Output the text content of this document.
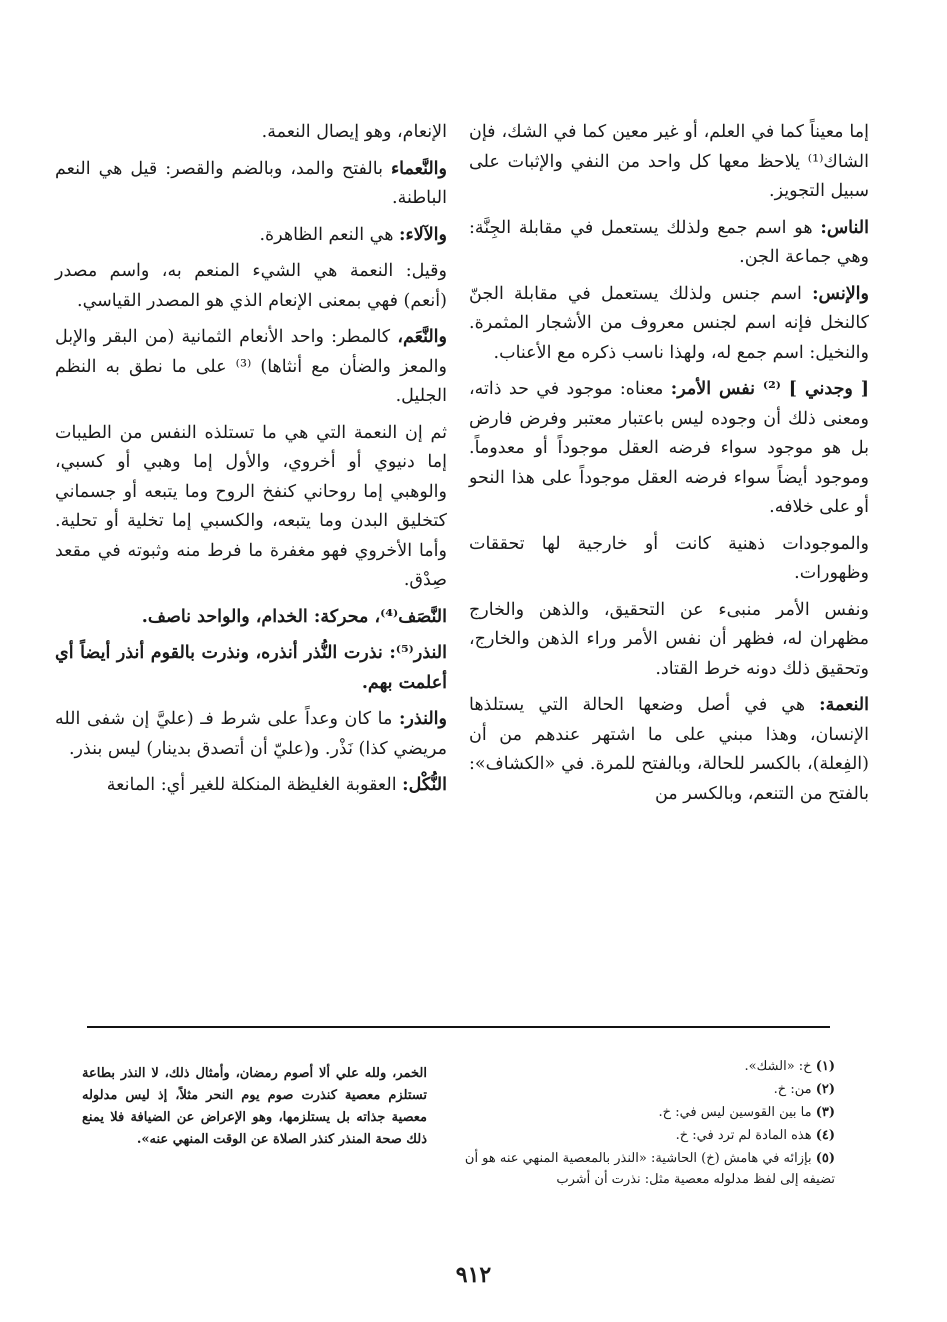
إما معيناً كما في العلم، أو غير معين كما في الشك، فإن الشاك⁽¹⁾ يلاحظ معها كل واحد من النفي والإثبات على سبيل التجويز.

الناس: هو اسم جمع ولذلك يستعمل في مقابلة الجِنَّة: وهي جماعة الجن.

والإنس: اسم جنس ولذلك يستعمل في مقابلة الجنّ كالنخل فإنه اسم لجنس معروف من الأشجار المثمرة. والنخيل: اسم جمع له، ولهذا ناسب ذكره مع الأعناب.

[ وجدني ] ⁽²⁾ نفس الأمر: معناه: موجود في حد ذاته، ومعنى ذلك أن وجوده ليس باعتبار معتبر وفرض فارض بل هو موجود سواء فرضه العقل موجوداً أو معدوماً. وموجود أيضاً سواء فرضه العقل موجوداً على هذا النحو أو على خلافه.

والموجودات ذهنية كانت أو خارجية لها تحققات وظهورات.

ونفس الأمر منبىء عن التحقيق، والذهن والخارج مظهران له، فظهر أن نفس الأمر وراء الذهن والخارج، وتحقيق ذلك دونه خرط القتاد.

النعمة: هي في أصل وضعها الحالة التي يستلذها الإنسان، وهذا مبني على ما اشتهر عندهم من أن (الفِعلة)، بالكسر للحالة، وبالفتح للمرة. في «الكشاف»: بالفتح من التنعم، وبالكسر من

الإنعام، وهو إيصال النعمة.

والنَّعماء بالفتح والمد، وبالضم والقصر: قيل هي النعم الباطنة.

والآلاء: هي النعم الظاهرة.

وقيل: النعمة هي الشيء المنعم به، واسم مصدر (أنعم) فهي بمعنى الإنعام الذي هو المصدر القياسي.

والنَّعَم، كالمطر: واحد الأنعام الثمانية (من البقر والإبل والمعز والضأن مع أنثاها) ⁽³⁾ على ما نطق به النظم الجليل.

ثم إن النعمة التي هي ما تستلذه النفس من الطيبات إما دنيوي أو أخروي، والأول إما وهبي أو كسبي، والوهبي إما روحاني كنفخ الروح وما يتبعه أو جسماني كتخليق البدن وما يتبعه، والكسبي إما تخلية أو تحلية. وأما الأخروي فهو مغفرة ما فرط منه وثبوته في مقعد صِدْق.

النَّصَف⁽⁴⁾، محركة: الخدام، والواحد ناصف.

النذر⁽⁵⁾: نذرت النُّذر أنذره، ونذرت بالقوم أنذر أيضاً أي أعلمت بهم.

والنذر: ما كان وعداً على شرط فـ (عليَّ إن شفى الله مريضي كذا) نَذْر. و(عليّ أن أتصدق بدينار) ليس بنذر.

النُّكْل: العقوبة الغليظة المنكلة للغير أي: المانعة

(١) خ: «الشك».

(٢) من: خ.

(٣) ما بين القوسين ليس في: خ.

(٤) هذه المادة لم ترد في: خ.

(٥) بإزائه في هامش (خ) الحاشية: «النذر بالمعصية المنهي عنه هو أن تضيفه إلى لفظ مدلوله معصية مثل: نذرت أن أشرب

الخمر، ولله علي ألا أصوم رمضان، وأمثال ذلك، لا النذر بطاعة تستلزم معصية كنذرت صوم يوم النحر مثلاً، إذ ليس مدلوله معصية جذاته بل يستلزمها، وهو الإعراض عن الضيافة فلا يمنع ذلك صحة المنذر كنذر الصلاة عن الوقت المنهي عنه».
٩١٢
